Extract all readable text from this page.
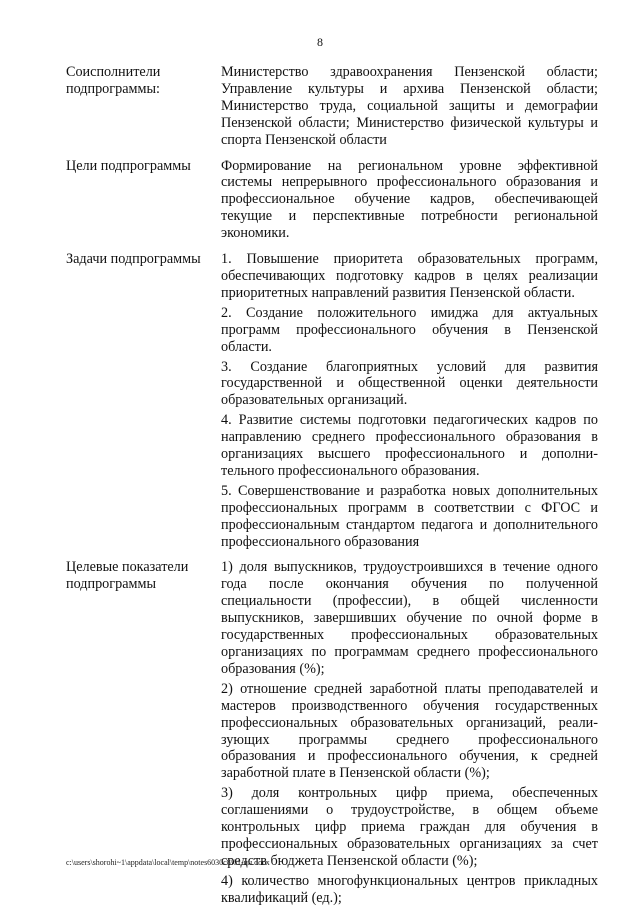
8
Соисполнители подпрограммы:

Министерство здравоохранения Пензенской области; Управление культуры и архива Пензенской области; Министерство труда, социальной защиты и демографии Пензенской области; Министерство физической культуры и спорта Пензенской области

Цели подпрограммы	Формирование на региональном уровне эффективной системы непрерывного профессионального образования и профессиональное обучение кадров, обеспечивающей текущие и перспективные потребности региональной экономики.

Задачи подпрограммы	1. Повышение приоритета образовательных программ, обеспечивающих подготовку кадров в целях реализации приоритетных направлений развития Пензенской области.

2. Создание положительного имиджа для актуальных программ профессионального обучения в Пензенской области.

3. Создание благоприятных условий для развития государственной и общественной оценки деятельности образовательных организаций.

4. Развитие системы подготовки педагогических кадров по направлению среднего профессионального образования в организациях высшего профессионального и дополнительного профессионального образования.

5. Совершенствование и разработка новых дополнительных профессиональных программ в соответствии с ФГОС и профессиональным стандартом педагога и дополнительного профессионального образования

Целевые показатели подпрограммы

1) доля выпускников, трудоустроившихся в течение одного года после окончания обучения по полученной специальности (профессии), в общей численности выпускников, завершивших обучение по очной форме в государственных профессиональных образовательных организациях по программам среднего профессионального образования (%);

2) отношение средней заработной платы преподавателей и мастеров производственного обучения государственных профессиональных образовательных организаций, реализующих программы среднего профессионального образования и профессионального обучения, к средней заработной плате в Пензенской области (%);

3) доля контрольных цифр приема, обеспеченных соглашениями о трудоустройстве, в общем объеме контрольных цифр приема граждан для обучения в профессиональных образовательных организациях за счет средств бюджета Пензенской области (%);

4) количество многофункциональных центров прикладных квалификаций (ед.);

c:\users\shorohi~1\appdata\local\temp\notes6030c8\61-ин.docx
